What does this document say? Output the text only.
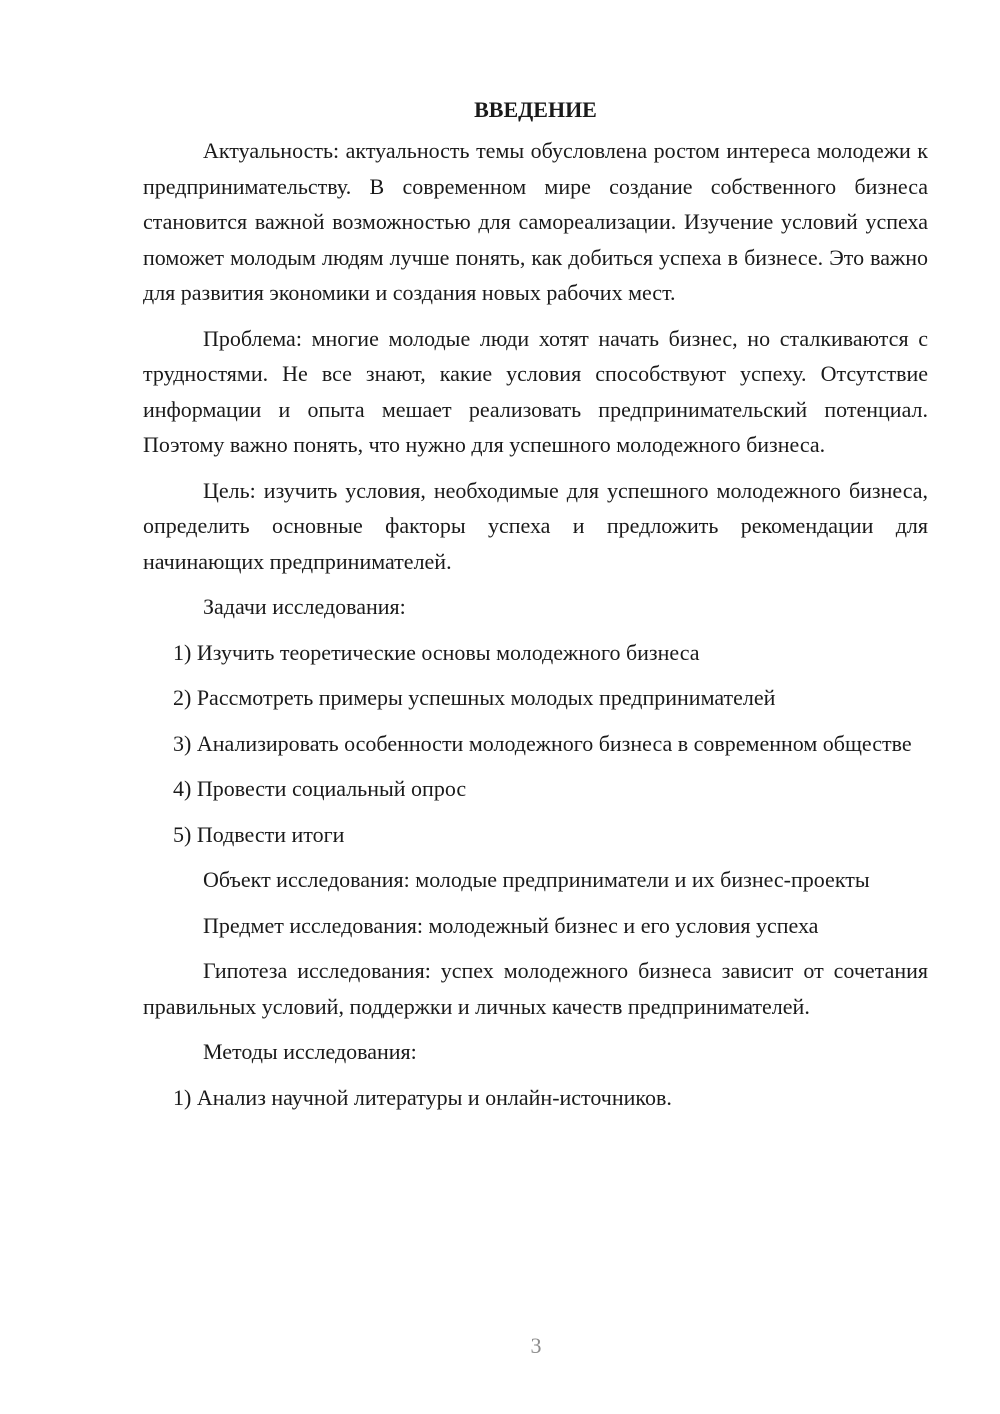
ВВЕДЕНИЕ

Актуальность: актуальность темы обусловлена ростом интереса молодежи к предпринимательству. В современном мире создание собственного бизнеса становится важной возможностью для самореализации. Изучение условий успеха поможет молодым людям лучше понять, как добиться успеха в бизнесе. Это важно для развития экономики и создания новых рабочих мест.

Проблема: многие молодые люди хотят начать бизнес, но сталкиваются с трудностями. Не все знают, какие условия способствуют успеху. Отсутствие информации и опыта мешает реализовать предпринимательский потенциал. Поэтому важно понять, что нужно для успешного молодежного бизнеса.

Цель: изучить условия, необходимые для успешного молодежного бизнеса, определить основные факторы успеха и предложить рекомендации для начинающих предпринимателей.

Задачи исследования:

1) Изучить теоретические основы молодежного бизнеса

2) Рассмотреть примеры успешных молодых предпринимателей

3) Анализировать особенности молодежного бизнеса в современном обществе

4) Провести социальный опрос

5) Подвести итоги

Объект исследования: молодые предприниматели и их бизнес-проекты

Предмет исследования: молодежный бизнес и его условия успеха

Гипотеза исследования: успех молодежного бизнеса зависит от сочетания правильных условий, поддержки и личных качеств предпринимателей.

Методы исследования:

1) Анализ научной литературы и онлайн-источников.

3
